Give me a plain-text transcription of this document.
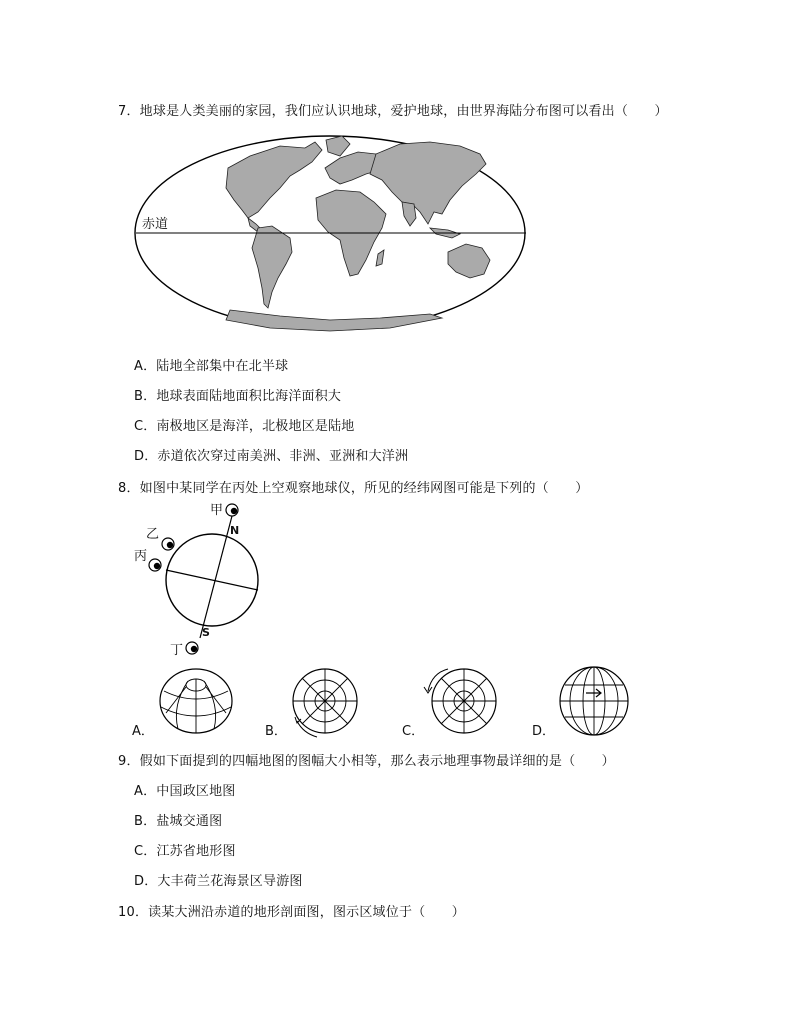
7．地球是人类美丽的家园，我们应认识地球，爱护地球，由世界海陆分布图可以看出（　　）
赤道
A．陆地全部集中在北半球
B．地球表面陆地面积比海洋面积大
C．南极地区是海洋，北极地区是陆地
D．赤道依次穿过南美洲、非洲、亚洲和大洋洲
8．如图中某同学在丙处上空观察地球仪，所见的经纬网图可能是下列的（　　）
N
S
甲
乙
丙
丁
A．	B．	C．	D．
9．假如下面提到的四幅地图的图幅大小相等，那么表示地理事物最详细的是（　　）
A．中国政区地图
B．盐城交通图
C．江苏省地形图
D．大丰荷兰花海景区导游图
10．读某大洲沿赤道的地形剖面图，图示区域位于（　　）
